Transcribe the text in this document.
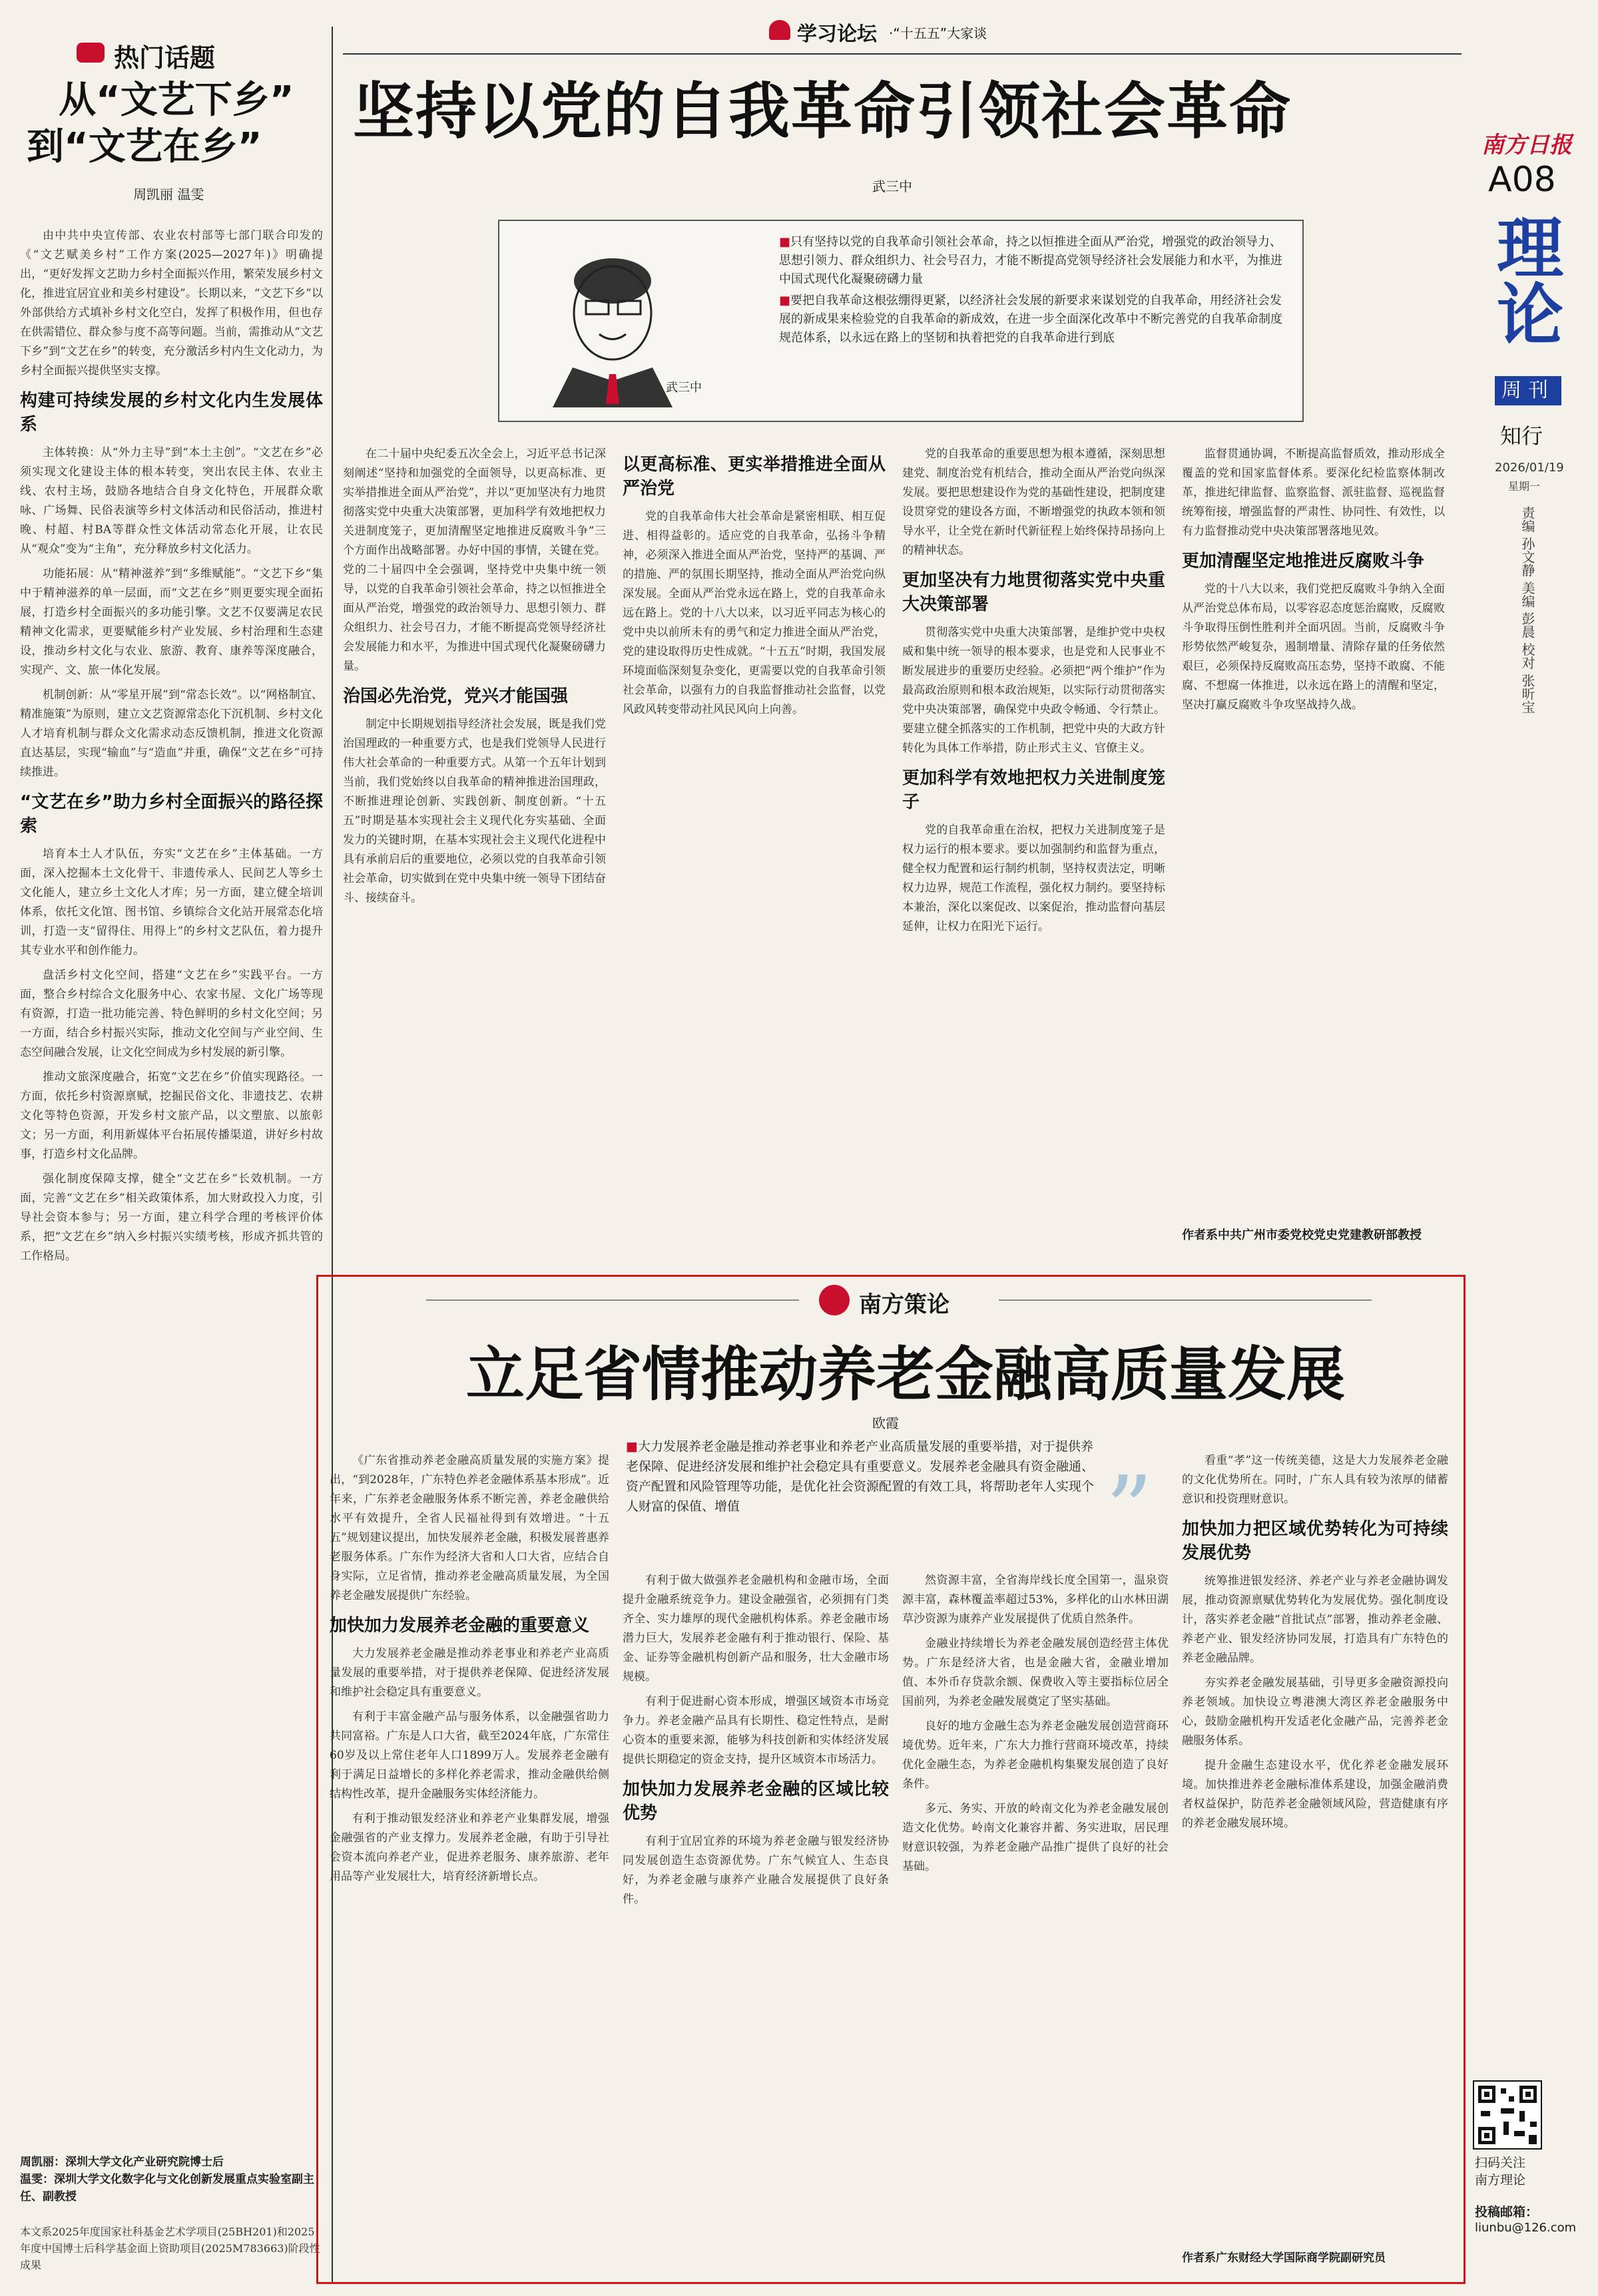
热门话题
从“文艺下乡”
到“文艺在乡”
周凯丽 温雯

由中共中央宣传部、农业农村部等七部门联合印发的《“文艺赋美乡村”工作方案(2025—2027年)》明确提出，“更好发挥文艺助力乡村全面振兴作用，繁荣发展乡村文化，推进宜居宜业和美乡村建设”。长期以来，“文艺下乡”以外部供给方式填补乡村文化空白，发挥了积极作用，但也存在供需错位、群众参与度不高等问题。当前，需推动从“文艺下乡”到“文艺在乡”的转变，充分激活乡村内生文化动力，为乡村全面振兴提供坚实支撑。

构建可持续发展的乡村文化内生发展体系

主体转换：从“外力主导”到“本土主创”。“文艺在乡”必须实现文化建设主体的根本转变，突出农民主体、农业主线、农村主场，鼓励各地结合自身文化特色，开展群众歌咏、广场舞、民俗表演等乡村文体活动和民俗活动，推进村晚、村超、村BA等群众性文体活动常态化开展，让农民从“观众”变为“主角”，充分释放乡村文化活力。

功能拓展：从“精神滋养”到“多维赋能”。“文艺下乡”集中于精神滋养的单一层面，而“文艺在乡”则更要实现全面拓展，打造乡村全面振兴的多功能引擎。文艺不仅要满足农民精神文化需求，更要赋能乡村产业发展、乡村治理和生态建设，推动乡村文化与农业、旅游、教育、康养等深度融合，实现产、文、旅一体化发展。

机制创新：从“零星开展”到“常态长效”。以“网格制宜、精准施策”为原则，建立文艺资源常态化下沉机制、乡村文化人才培育机制与群众文化需求动态反馈机制，推进文化资源直达基层，实现“输血”与“造血”并重，确保“文艺在乡”可持续推进。

“文艺在乡”助力乡村全面振兴的路径探索

培育本土人才队伍，夯实“文艺在乡”主体基础。一方面，深入挖掘本土文化骨干、非遗传承人、民间艺人等乡土文化能人，建立乡土文化人才库；另一方面，建立健全培训体系，依托文化馆、图书馆、乡镇综合文化站开展常态化培训，打造一支“留得住、用得上”的乡村文艺队伍，着力提升其专业水平和创作能力。

盘活乡村文化空间，搭建“文艺在乡”实践平台。一方面，整合乡村综合文化服务中心、农家书屋、文化广场等现有资源，打造一批功能完善、特色鲜明的乡村文化空间；另一方面，结合乡村振兴实际，推动文化空间与产业空间、生态空间融合发展，让文化空间成为乡村发展的新引擎。

推动文旅深度融合，拓宽“文艺在乡”价值实现路径。一方面，依托乡村资源禀赋，挖掘民俗文化、非遗技艺、农耕文化等特色资源，开发乡村文旅产品，以文塑旅、以旅彰文；另一方面，利用新媒体平台拓展传播渠道，讲好乡村故事，打造乡村文化品牌。

强化制度保障支撑，健全“文艺在乡”长效机制。一方面，完善“文艺在乡”相关政策体系，加大财政投入力度，引导社会资本参与；另一方面，建立科学合理的考核评价体系，把“文艺在乡”纳入乡村振兴实绩考核，形成齐抓共管的工作格局。

周凯丽：深圳大学文化产业研究院博士后
温雯：深圳大学文化数字化与文化创新发展重点实验室副主任、副教授
本文系2025年度国家社科基金艺术学项目(25BH201)和2025年度中国博士后科学基金面上资助项目(2025M783663)阶段性成果
学习论坛 ·“十五五”大家谈
坚持以党的自我革命引领社会革命
武三中
武三中
■只有坚持以党的自我革命引领社会革命，持之以恒推进全面从严治党，增强党的政治领导力、思想引领力、群众组织力、社会号召力，才能不断提高党领导经济社会发展能力和水平，为推进中国式现代化凝聚磅礴力量
■要把自我革命这根弦绷得更紧，以经济社会发展的新要求来谋划党的自我革命，用经济社会发展的新成果来检验党的自我革命的新成效，在进一步全面深化改革中不断完善党的自我革命制度规范体系，以永远在路上的坚韧和执着把党的自我革命进行到底

在二十届中央纪委五次全会上，习近平总书记深刻阐述“坚持和加强党的全面领导，以更高标准、更实举措推进全面从严治党”，并以“更加坚决有力地贯彻落实党中央重大决策部署，更加科学有效地把权力关进制度笼子，更加清醒坚定地推进反腐败斗争”三个方面作出战略部署。办好中国的事情，关键在党。党的二十届四中全会强调，坚持党中央集中统一领导，以党的自我革命引领社会革命，持之以恒推进全面从严治党，增强党的政治领导力、思想引领力、群众组织力、社会号召力，才能不断提高党领导经济社会发展能力和水平，为推进中国式现代化凝聚磅礴力量。

治国必先治党，党兴才能国强

制定中长期规划指导经济社会发展，既是我们党治国理政的一种重要方式，也是我们党领导人民进行伟大社会革命的一种重要方式。从第一个五年计划到当前，我们党始终以自我革命的精神推进治国理政，不断推进理论创新、实践创新、制度创新。“十五五”时期是基本实现社会主义现代化夯实基础、全面发力的关键时期，在基本实现社会主义现代化进程中具有承前启后的重要地位，必须以党的自我革命引领社会革命，切实做到在党中央集中统一领导下团结奋斗、接续奋斗。

以更高标准、更实举措推进全面从严治党

党的自我革命伟大社会革命是紧密相联、相互促进、相得益彰的。适应党的自我革命，弘扬斗争精神，必须深入推进全面从严治党，坚持严的基调、严的措施、严的氛围长期坚持，推动全面从严治党向纵深发展。全面从严治党永远在路上，党的自我革命永远在路上。党的十八大以来，以习近平同志为核心的党中央以前所未有的勇气和定力推进全面从严治党，党的建设取得历史性成就。“十五五”时期，我国发展环境面临深刻复杂变化，更需要以党的自我革命引领社会革命，以强有力的自我监督推动社会监督，以党风政风转变带动社风民风向上向善。

党的自我革命的重要思想为根本遵循，深刻思想建党、制度治党有机结合，推动全面从严治党向纵深发展。要把思想建设作为党的基础性建设，把制度建设贯穿党的建设各方面，不断增强党的执政本领和领导水平，让全党在新时代新征程上始终保持昂扬向上的精神状态。

更加坚决有力地贯彻落实党中央重大决策部署

贯彻落实党中央重大决策部署，是维护党中央权威和集中统一领导的根本要求，也是党和人民事业不断发展进步的重要历史经验。必须把“两个维护”作为最高政治原则和根本政治规矩，以实际行动贯彻落实党中央决策部署，确保党中央政令畅通、令行禁止。要建立健全抓落实的工作机制，把党中央的大政方针转化为具体工作举措，防止形式主义、官僚主义。

更加科学有效地把权力关进制度笼子

党的自我革命重在治权，把权力关进制度笼子是权力运行的根本要求。要以加强制约和监督为重点，健全权力配置和运行制约机制，坚持权责法定，明晰权力边界，规范工作流程，强化权力制约。要坚持标本兼治，深化以案促改、以案促治，推动监督向基层延伸，让权力在阳光下运行。

监督贯通协调，不断提高监督质效，推动形成全覆盖的党和国家监督体系。要深化纪检监察体制改革，推进纪律监督、监察监督、派驻监督、巡视监督统筹衔接，增强监督的严肃性、协同性、有效性，以有力监督推动党中央决策部署落地见效。

更加清醒坚定地推进反腐败斗争

党的十八大以来，我们党把反腐败斗争纳入全面从严治党总体布局，以零容忍态度惩治腐败，反腐败斗争取得压倒性胜利并全面巩固。当前，反腐败斗争形势依然严峻复杂，遏制增量、清除存量的任务依然艰巨，必须保持反腐败高压态势，坚持不敢腐、不能腐、不想腐一体推进，以永远在路上的清醒和坚定，坚决打赢反腐败斗争攻坚战持久战。

作者系中共广州市委党校党史党建教研部教授
南方日报
A08
理论
周刊
知行
2026/01/19
星期一
责编 孙文静 美编 彭晨 校对 张昕宝
南方策论
立足省情推动养老金融高质量发展
欧霞
■大力发展养老金融是推动养老事业和养老产业高质量发展的重要举措，对于提供养老保障、促进经济发展和维护社会稳定具有重要意义。发展养老金融具有资金融通、资产配置和风险管理等功能，是优化社会资源配置的有效工具，将帮助老年人实现个人财富的保值、增值	”

《广东省推动养老金融高质量发展的实施方案》提出，“到2028年，广东特色养老金融体系基本形成”。近年来，广东养老金融服务体系不断完善，养老金融供给水平有效提升，全省人民福祉得到有效增进。“十五五”规划建议提出，加快发展养老金融，积极发展普惠养老服务体系。广东作为经济大省和人口大省，应结合自身实际，立足省情，推动养老金融高质量发展，为全国养老金融发展提供广东经验。

加快加力发展养老金融的重要意义

大力发展养老金融是推动养老事业和养老产业高质量发展的重要举措，对于提供养老保障、促进经济发展和维护社会稳定具有重要意义。

有利于丰富金融产品与服务体系，以金融强省助力共同富裕。广东是人口大省，截至2024年底，广东常住60岁及以上常住老年人口1899万人。发展养老金融有利于满足日益增长的多样化养老需求，推动金融供给侧结构性改革，提升金融服务实体经济能力。

有利于推动银发经济业和养老产业集群发展，增强金融强省的产业支撑力。发展养老金融，有助于引导社会资本流向养老产业，促进养老服务、康养旅游、老年用品等产业发展壮大，培育经济新增长点。

有利于做大做强养老金融机构和金融市场，全面提升金融系统竞争力。建设金融强省，必须拥有门类齐全、实力雄厚的现代金融机构体系。养老金融市场潜力巨大，发展养老金融有利于推动银行、保险、基金、证券等金融机构创新产品和服务，壮大金融市场规模。

有利于促进耐心资本形成，增强区域资本市场竞争力。养老金融产品具有长期性、稳定性特点，是耐心资本的重要来源，能够为科技创新和实体经济发展提供长期稳定的资金支持，提升区域资本市场活力。

加快加力发展养老金融的区域比较优势

有利于宜居宜养的环境为养老金融与银发经济协同发展创造生态资源优势。广东气候宜人、生态良好，为养老金融与康养产业融合发展提供了良好条件。

然资源丰富，全省海岸线长度全国第一，温泉资源丰富，森林覆盖率超过53%，多样化的山水林田湖草沙资源为康养产业发展提供了优质自然条件。

金融业持续增长为养老金融发展创造经营主体优势。广东是经济大省，也是金融大省，金融业增加值、本外币存贷款余额、保费收入等主要指标位居全国前列，为养老金融发展奠定了坚实基础。

良好的地方金融生态为养老金融发展创造营商环境优势。近年来，广东大力推行营商环境改革，持续优化金融生态，为养老金融机构集聚发展创造了良好条件。

多元、务实、开放的岭南文化为养老金融发展创造文化优势。岭南文化兼容并蓄、务实进取，居民理财意识较强，为养老金融产品推广提供了良好的社会基础。

看重“孝”这一传统美德，这是大力发展养老金融的文化优势所在。同时，广东人具有较为浓厚的储蓄意识和投资理财意识。

加快加力把区域优势转化为可持续发展优势

统筹推进银发经济、养老产业与养老金融协调发展，推动资源禀赋优势转化为发展优势。强化制度设计，落实养老金融“首批试点”部署，推动养老金融、养老产业、银发经济协同发展，打造具有广东特色的养老金融品牌。

夯实养老金融发展基础，引导更多金融资源投向养老领域。加快设立粤港澳大湾区养老金融服务中心，鼓励金融机构开发适老化金融产品，完善养老金融服务体系。

提升金融生态建设水平，优化养老金融发展环境。加快推进养老金融标准体系建设，加强金融消费者权益保护，防范养老金融领域风险，营造健康有序的养老金融发展环境。

作者系广东财经大学国际商学院副研究员
扫码关注
南方理论
投稿邮箱：
liunbu@126.com
